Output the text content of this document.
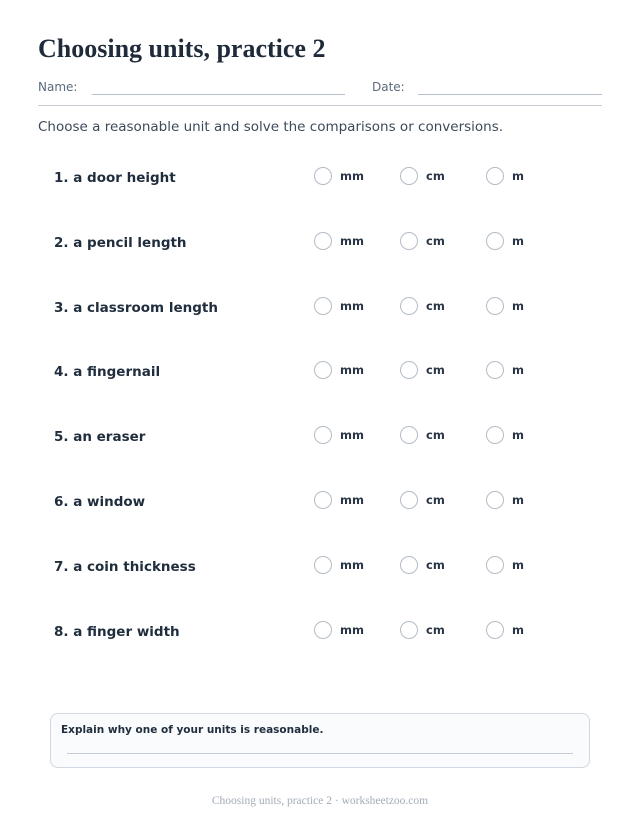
Choosing units, practice 2
Name:	Date:
Choose a reasonable unit and solve the comparisons or conversions.
1. a door height	mm	cm	m
2. a pencil length	mm	cm	m
3. a classroom length	mm	cm	m
4. a fingernail	mm	cm	m
5. an eraser	mm	cm	m
6. a window	mm	cm	m
7. a coin thickness	mm	cm	m
8. a finger width	mm	cm	m
Explain why one of your units is reasonable.
Choosing units, practice 2 · worksheetzoo.com
